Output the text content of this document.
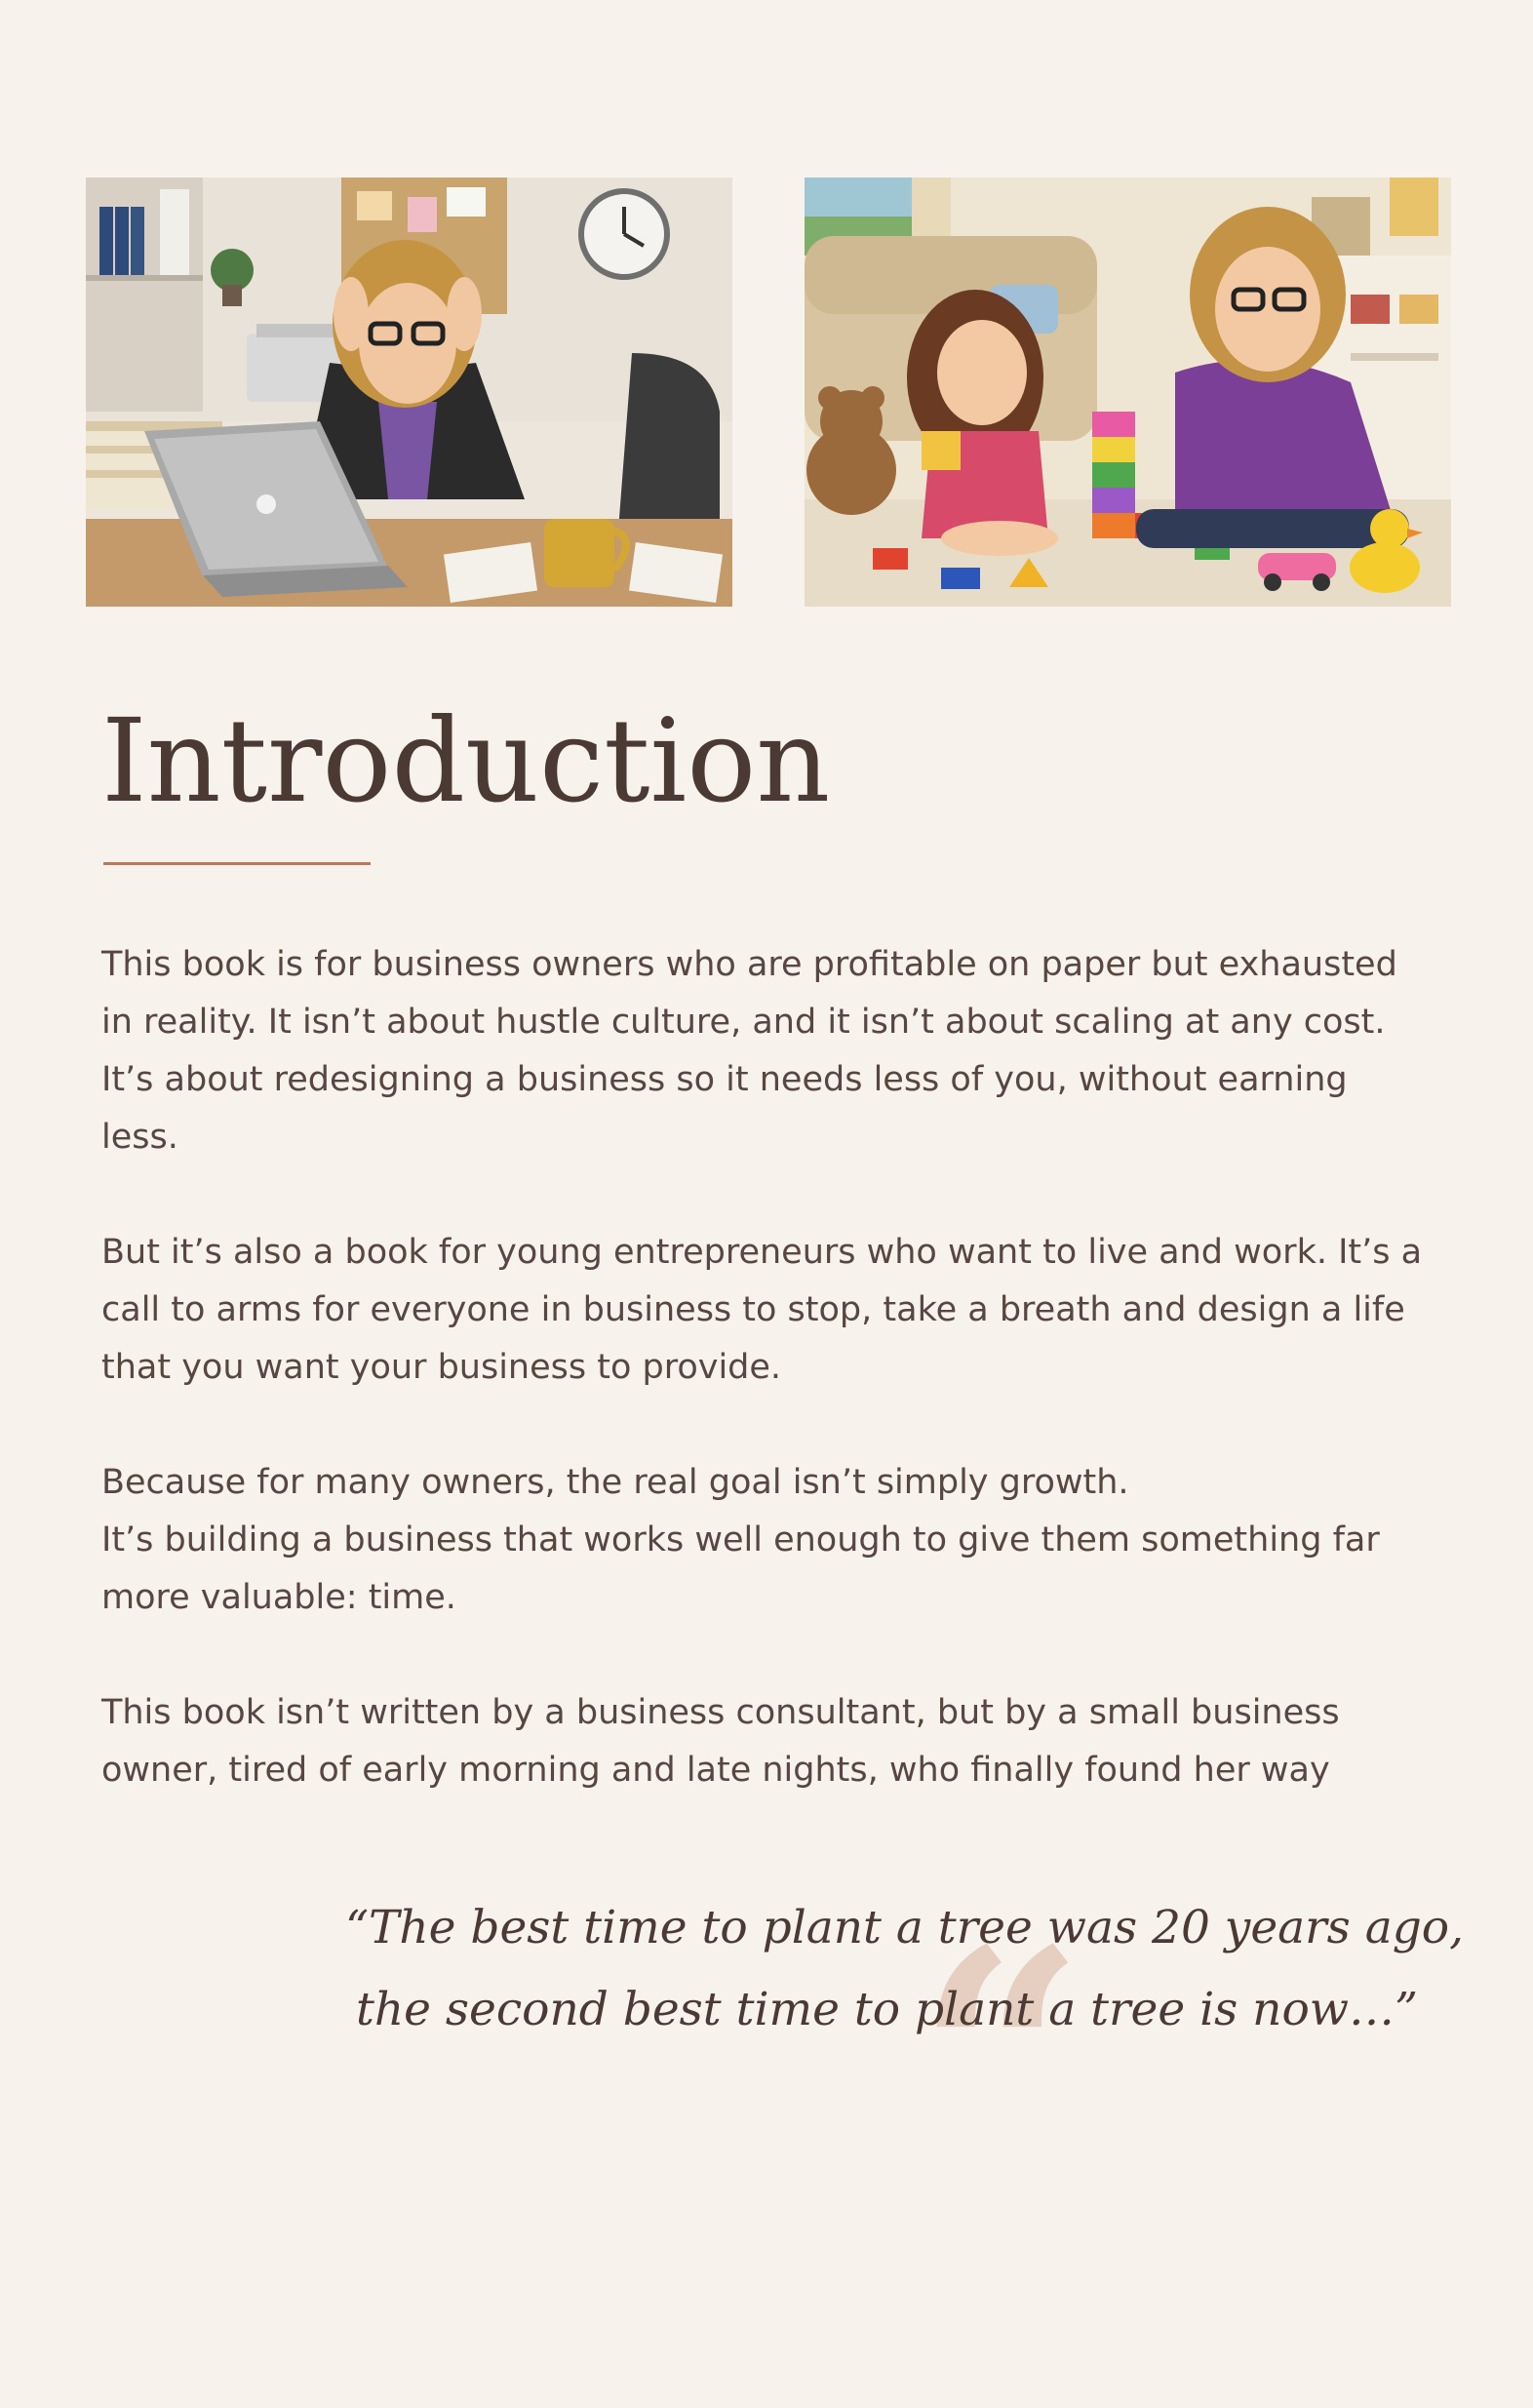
Introduction

This book is for business owners who are profitable on paper but exhausted
in reality. It isn’t about hustle culture, and it isn’t about scaling at any cost.
It’s about redesigning a business so it needs less of you, without earning
less.

But it’s also a book for young entrepreneurs who want to live and work. It’s a
call to arms for everyone in business to stop, take a breath and design a life
that you want your business to provide.

Because for many owners, the real goal isn’t simply growth.
It’s building a business that works well enough to give them something far
more valuable: time.

This book isn’t written by a business consultant, but by a small business
owner, tired of early morning and late nights, who finally found her way

“
“The best time to plant a tree was 20 years ago,
the second best time to plant a tree is now…”
